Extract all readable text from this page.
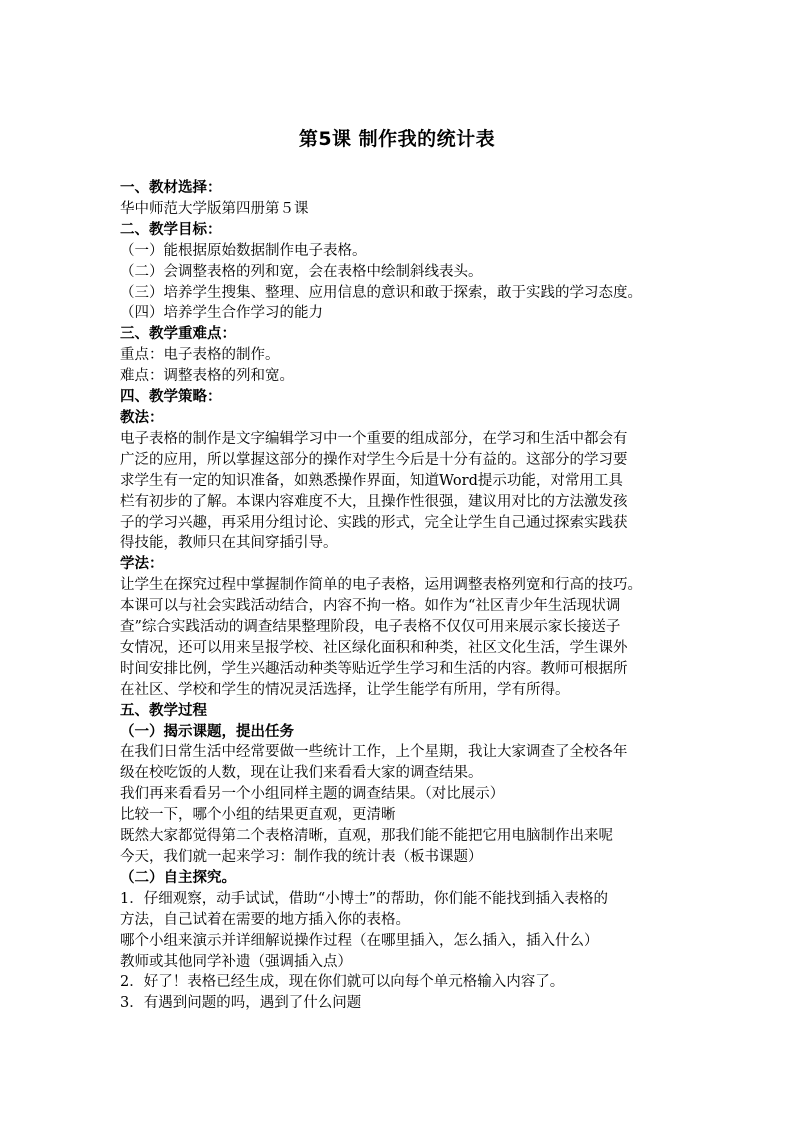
第5课 制作我的统计表
一、教材选择：
华中师范大学版第四册第５课
二、教学目标：
（一）能根据原始数据制作电子表格。
（二）会调整表格的列和宽，会在表格中绘制斜线表头。
（三）培养学生搜集、整理、应用信息的意识和敢于探索，敢于实践的学习态度。
（四）培养学生合作学习的能力
三、教学重难点：
重点：电子表格的制作。
难点：调整表格的列和宽。
四、教学策略：
教法：
电子表格的制作是文字编辑学习中一个重要的组成部分，在学习和生活中都会有
广泛的应用，所以掌握这部分的操作对学生今后是十分有益的。这部分的学习要
求学生有一定的知识准备，如熟悉操作界面，知道Word提示功能，对常用工具
栏有初步的了解。本课内容难度不大，且操作性很强，建议用对比的方法激发孩
子的学习兴趣，再采用分组讨论、实践的形式，完全让学生自己通过探索实践获
得技能，教师只在其间穿插引导。
学法：
让学生在探究过程中掌握制作简单的电子表格，运用调整表格列宽和行高的技巧。
本课可以与社会实践活动结合，内容不拘一格。如作为“社区青少年生活现状调
查”综合实践活动的调查结果整理阶段，电子表格不仅仅可用来展示家长接送子
女情况，还可以用来呈报学校、社区绿化面积和种类，社区文化生活，学生课外
时间安排比例，学生兴趣活动种类等贴近学生学习和生活的内容。教师可根据所
在社区、学校和学生的情况灵活选择，让学生能学有所用，学有所得。
五、教学过程
（一）揭示课题，提出任务
在我们日常生活中经常要做一些统计工作，上个星期，我让大家调查了全校各年
级在校吃饭的人数，现在让我们来看看大家的调查结果。
我们再来看看另一个小组同样主题的调查结果。（对比展示）
比较一下，哪个小组的结果更直观，更清晰
既然大家都觉得第二个表格清晰，直观，那我们能不能把它用电脑制作出来呢
今天，我们就一起来学习：制作我的统计表（板书课题）
（二）自主探究。
1．仔细观察，动手试试，借助“小博士”的帮助，你们能不能找到插入表格的
方法，自己试着在需要的地方插入你的表格。
哪个小组来演示并详细解说操作过程（在哪里插入，怎么插入，插入什么）
教师或其他同学补遗（强调插入点）
2．好了！表格已经生成，现在你们就可以向每个单元格输入内容了。
3．有遇到问题的吗，遇到了什么问题
